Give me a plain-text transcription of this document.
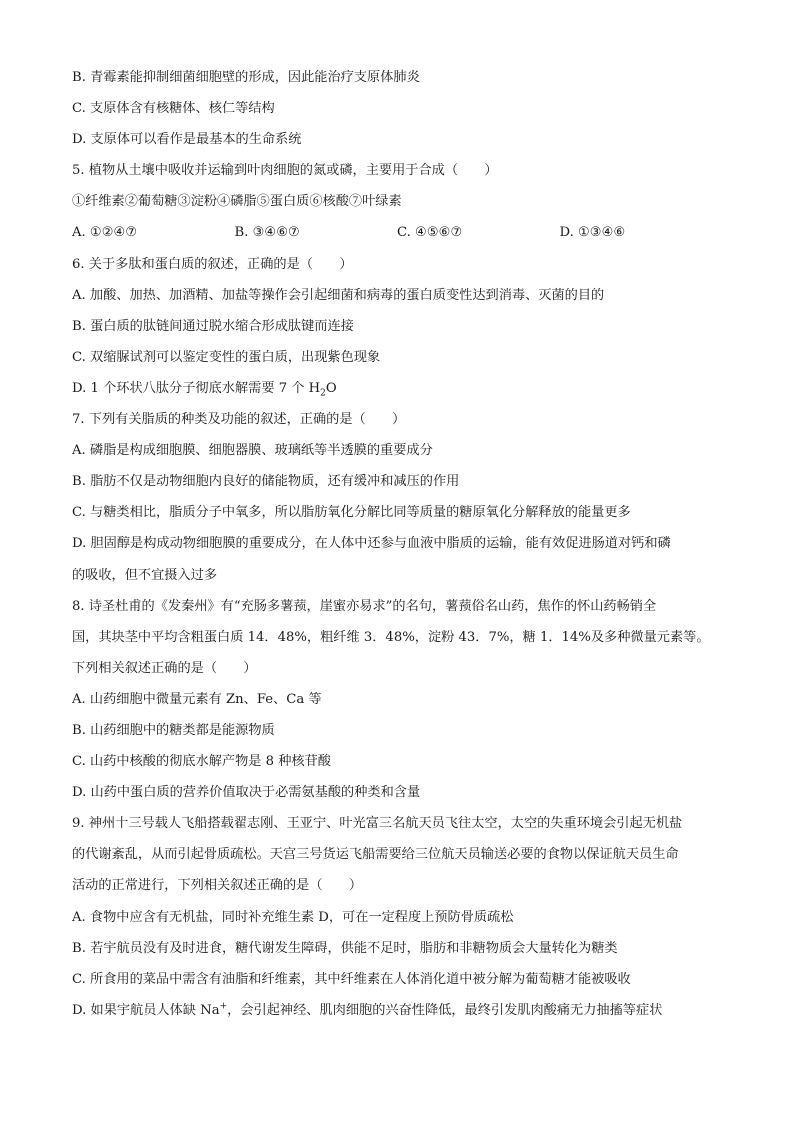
B. 青霉素能抑制细菌细胞壁的形成，因此能治疗支原体肺炎
C. 支原体含有核糖体、核仁等结构
D. 支原体可以看作是最基本的生命系统
5. 植物从土壤中吸收并运输到叶肉细胞的氮或磷，主要用于合成（　　）
①纤维素②葡萄糖③淀粉④磷脂⑤蛋白质⑥核酸⑦叶绿素
A. ①②④⑦	B. ③④⑥⑦	C. ④⑤⑥⑦	D. ①③④⑥
6. 关于多肽和蛋白质的叙述，正确的是（　　）
A. 加酸、加热、加酒精、加盐等操作会引起细菌和病毒的蛋白质变性达到消毒、灭菌的目的
B. 蛋白质的肽链间通过脱水缩合形成肽键而连接
C. 双缩脲试剂可以鉴定变性的蛋白质，出现紫色现象
D. 1 个环状八肽分子彻底水解需要 7 个 $H_2O$
7. 下列有关脂质的种类及功能的叙述，正确的是（　　）
A. 磷脂是构成细胞膜、细胞器膜、玻璃纸等半透膜的重要成分
B. 脂肪不仅是动物细胞内良好的储能物质，还有缓冲和减压的作用
C. 与糖类相比，脂质分子中氧多，所以脂肪氧化分解比同等质量的糖原氧化分解释放的能量更多
D. 胆固醇是构成动物细胞膜的重要成分，在人体中还参与血液中脂质的运输，能有效促进肠道对钙和磷
的吸收，但不宜摄入过多
8. 诗圣杜甫的《发秦州》有“充肠多薯蓣，崖蜜亦易求”的名句，薯蓣俗名山药，焦作的怀山药畅销全
国，其块茎中平均含粗蛋白质 14．48%，粗纤维 3．48%，淀粉 43．7%，糖 1．14%及多种微量元素等。
下列相关叙述正确的是（　　）
A. 山药细胞中微量元素有 Zn、Fe、Ca 等
B. 山药细胞中的糖类都是能源物质
C. 山药中核酸的彻底水解产物是 8 种核苷酸
D. 山药中蛋白质的营养价值取决于必需氨基酸的种类和含量
9. 神州十三号载人飞船搭载翟志刚、王亚宁、叶光富三名航天员飞往太空，太空的失重环境会引起无机盐
的代谢紊乱，从而引起骨质疏松。天宫三号货运飞船需要给三位航天员输送必要的食物以保证航天员生命
活动的正常进行，下列相关叙述正确的是（　　）
A. 食物中应含有无机盐，同时补充维生素 D，可在一定程度上预防骨质疏松
B. 若宇航员没有及时进食，糖代谢发生障碍，供能不足时，脂肪和非糖物质会大量转化为糖类
C. 所食用的菜品中需含有油脂和纤维素，其中纤维素在人体消化道中被分解为葡萄糖才能被吸收
D. 如果宇航员人体缺 Na+，会引起神经、肌肉细胞的兴奋性降低，最终引发肌肉酸痛无力抽搐等症状
